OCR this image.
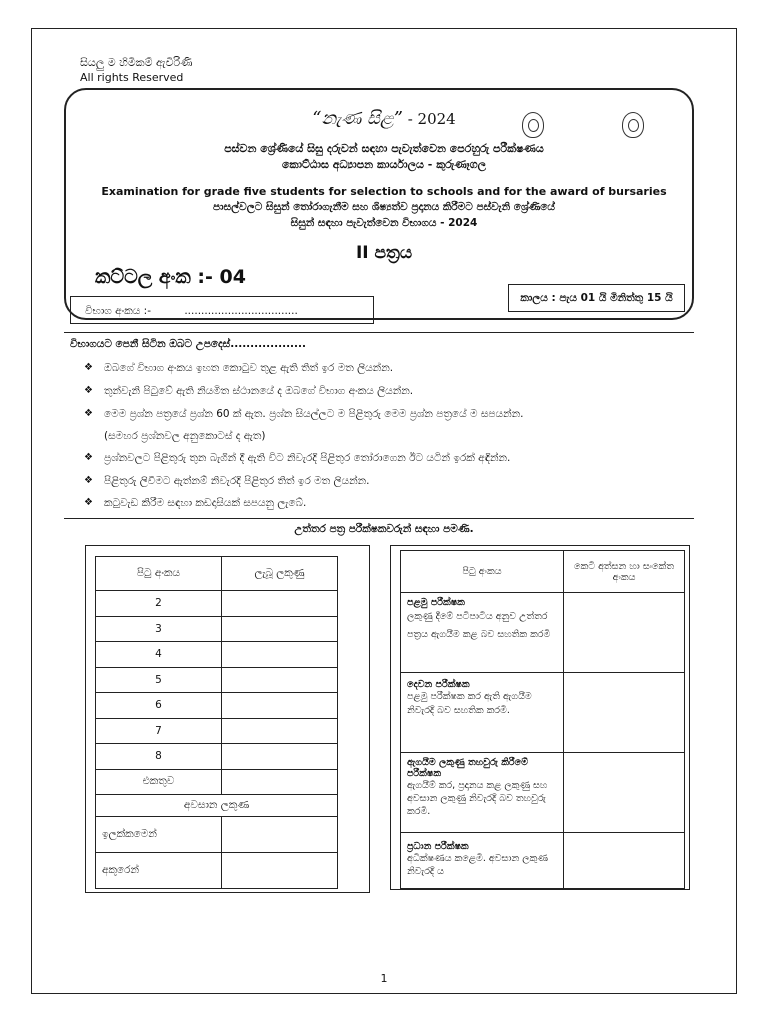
සියලු ම හිමිකම් ඇවිරිණි
All rights Reserved
“නැණ සිළ” - 2024
පස්වන ශ්‍රේණියේ සිසු දරුවන් සඳහා පැවැත්වෙන පෙරහුරු පරීක්ෂණය
කොට්ඨාස අධ්‍යාපන කාර්යාලය - කුරුණෑගල
Examination for grade five students for selection to schools and for the award of bursaries
පාසල්වලට සිසුන් තෝරාගැනීම සහ ශිෂ්‍යත්ව ප්‍රදානය කිරීමට පස්වැනි ශ්‍රේණියේ
සිසුන් සඳහා පැවැත්වෙන විභාගය - 2024
II පත්‍රය
කට්ටල අංක :- 04
කාලය : පැය 01 යි මිනිත්තු 15 යි
විභාග අංකය :-	..................................
විභාගයට පෙනී සිටින ඔබට උපදෙස්...................
❖ ඔබගේ විභාග අංකය ඉහත කොටුව තුළ ඇති තිත් ඉර මත ලියන්න.
❖ තුන්වැනි පිටුවේ ඇති නියමිත ස්ථානයේ ද ඔබගේ විභාග අංකය ලියන්න.
❖ මෙම ප්‍රශ්න පත්‍රයේ ප්‍රශ්න 60 ක් ඇත. ප්‍රශ්න සියල්ලට ම පිළිතුරු මෙම ප්‍රශ්න පත්‍රයේ ම සපයන්න.
(සමහර ප්‍රශ්නවල අනුකොටස් ද ඇත)
❖ ප්‍රශ්නවලට පිළිතුරු තුන බැගින් දී ඇති විට නිවැරදි පිළිතුර තෝරාගෙන ඊට යටින් ඉරක් අඳින්න.
❖ පිළිතුරු ලිවීමට ඇත්නම් නිවැරදි පිළිතුර තිත් ඉර මත ලියන්න.
❖ කටුවැඩ කිරීම සඳහා කඩදාසියක් සපයනු ලැබේ.
උත්තර පත්‍ර පරීක්ෂකවරුන් සඳහා පමණි.
පිටු අංකය	ලැබූ ලකුණු
2	
3	
4	
5	
6	
7	
8	
එකතුව	
අවසාන ලකුණ	
ඉලක්කමෙන්	
අකුරෙන්	
පිටු අංකය	කෙටි අත්සන හා සංකේත අංකය

පළමු පරීක්ෂක
ලකුණු දීමේ පටිපාටිය අනුව උත්තර පත්‍රය ඇගයීම කළ බව සහතික කරමි	

දෙවන පරීක්ෂක
පළමු පරීක්ෂක කර ඇති ඇගයීම නිවැරදි බව සහතික කරමි.	

ඇගයීම ලකුණු තහවුරු කිරීමේ පරීක්ෂක
ඇගයීම් කර, ප්‍රදානය කළ ලකුණු සහ අවසාන ලකුණු නිවැරදි බව තහවුරු කරමි.	

ප්‍රධාන පරීක්ෂක
අධීක්ෂණය කළෙමි. අවසාන ලකුණ නිවැරදි ය	

1
